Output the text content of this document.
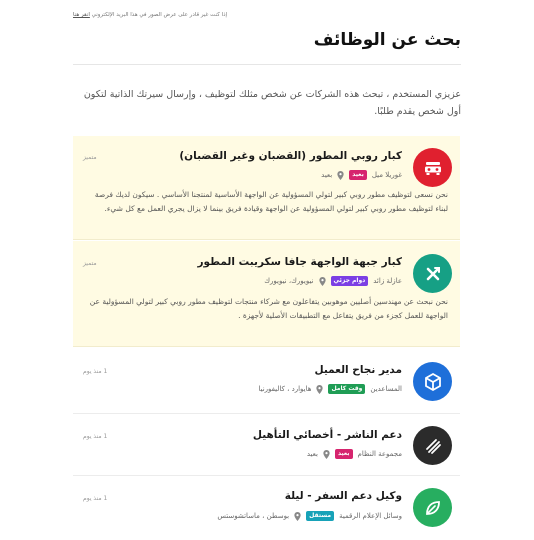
إذا كنت غير قادر على عرض الصور في هذا البريد الإلكتروني انقر هنا
بحث عن الوظائف
عزيزي المستخدم ، تبحث هذه الشركات عن شخص مثلك لتوظيف ، وإرسال سيرتك الذاتية لتكون أول شخص يقدم طلبًا.
كبار روبي المطور (القضبان وغير القضبان)
غوريلا ميل
بعيد
بعيد
متميز
نحن نسعى لتوظيف مطور روبي كبير لتولي المسؤولية عن الواجهة الأساسية لمنتجنا الأساسي . سيكون لديك فرصة لبناء لتوظيف مطور روبي كبير لتولي المسؤولية عن الواجهة وقيادة فريق بينما لا يزال يجري العمل مع كل شيء.
كبار جبهة الواجهة جافا سكريبت المطور
عازلة زائد
دوام جزئي
نيويورك، نيويورك
متميز
نحن نبحث عن مهندسين أصليين موهوبين يتفاعلون مع شركاء منتجات لتوظيف مطور روبي كبير لتولي المسؤولية عن الواجهة للعمل كجزء من فريق يتفاعل مع التطبيقات الأصلية لأجهزة .
مدير نجاح العميل
المساعدين
وقت كامل
هايوارد ، كاليفورنيا
1 منذ يوم
دعم الناشر - أخصائي التأهيل
مجموعة النظام
بعيد
بعيد
1 منذ يوم
وكيل دعم السفر - ليلة
وسائل الإعلام الرقمية
مستقل
بوسطن ، ماساتشوستس
1 منذ يوم
